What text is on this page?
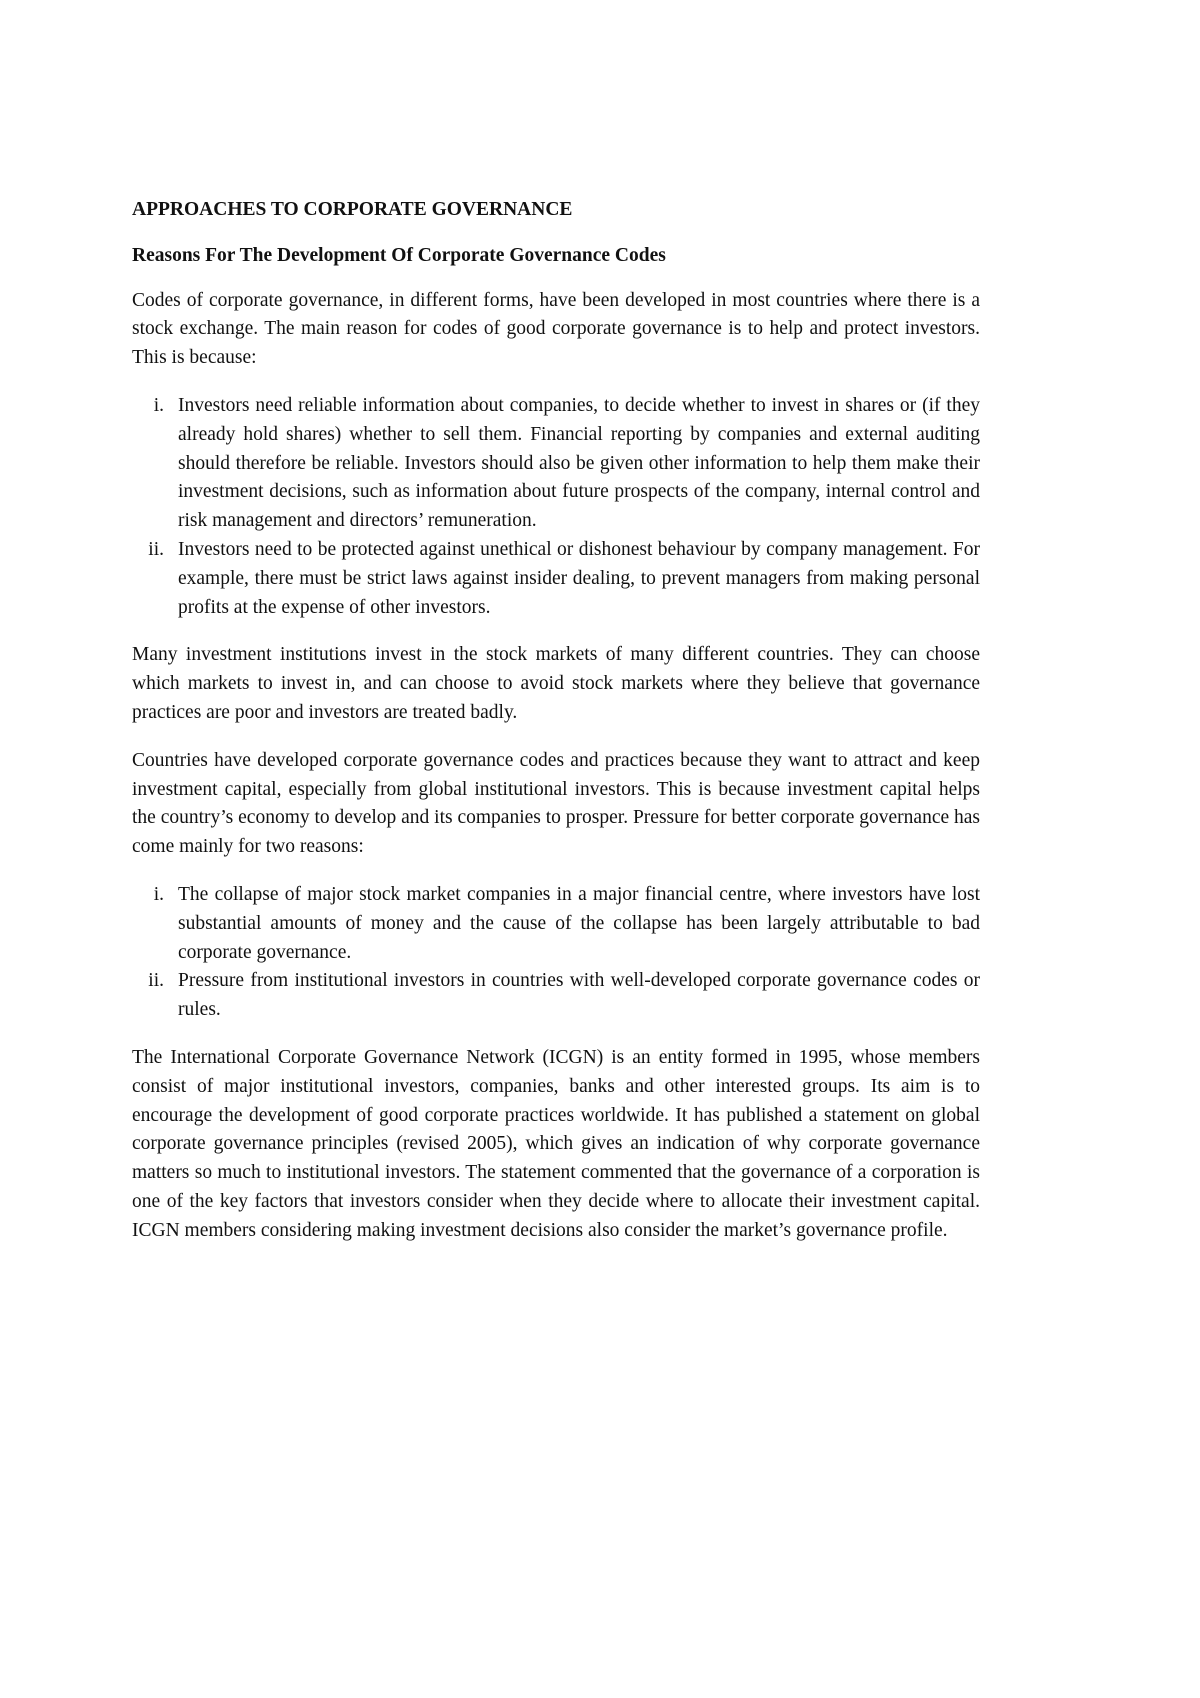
APPROACHES TO CORPORATE GOVERNANCE
Reasons For The Development Of Corporate Governance Codes

Codes of corporate governance, in different forms, have been developed in most countries where there is a stock exchange. The main reason for codes of good corporate governance is to help and protect investors. This is because:

i. Investors need reliable information about companies, to decide whether to invest in shares or (if they already hold shares) whether to sell them. Financial reporting by companies and external auditing should therefore be reliable. Investors should also be given other information to help them make their investment decisions, such as information about future prospects of the company, internal control and risk management and directors’ remuneration.
ii. Investors need to be protected against unethical or dishonest behaviour by company management. For example, there must be strict laws against insider dealing, to prevent managers from making personal profits at the expense of other investors.

Many investment institutions invest in the stock markets of many different countries. They can choose which markets to invest in, and can choose to avoid stock markets where they believe that governance practices are poor and investors are treated badly.

Countries have developed corporate governance codes and practices because they want to attract and keep investment capital, especially from global institutional investors. This is because investment capital helps the country’s economy to develop and its companies to prosper. Pressure for better corporate governance has come mainly for two reasons:

i. The collapse of major stock market companies in a major financial centre, where investors have lost substantial amounts of money and the cause of the collapse has been largely attributable to bad corporate governance.
ii. Pressure from institutional investors in countries with well-developed corporate governance codes or rules.

The International Corporate Governance Network (ICGN) is an entity formed in 1995, whose members consist of major institutional investors, companies, banks and other interested groups. Its aim is to encourage the development of good corporate practices worldwide. It has published a statement on global corporate governance principles (revised 2005), which gives an indication of why corporate governance matters so much to institutional investors. The statement commented that the governance of a corporation is one of the key factors that investors consider when they decide where to allocate their investment capital. ICGN members considering making investment decisions also consider the market’s governance profile.
